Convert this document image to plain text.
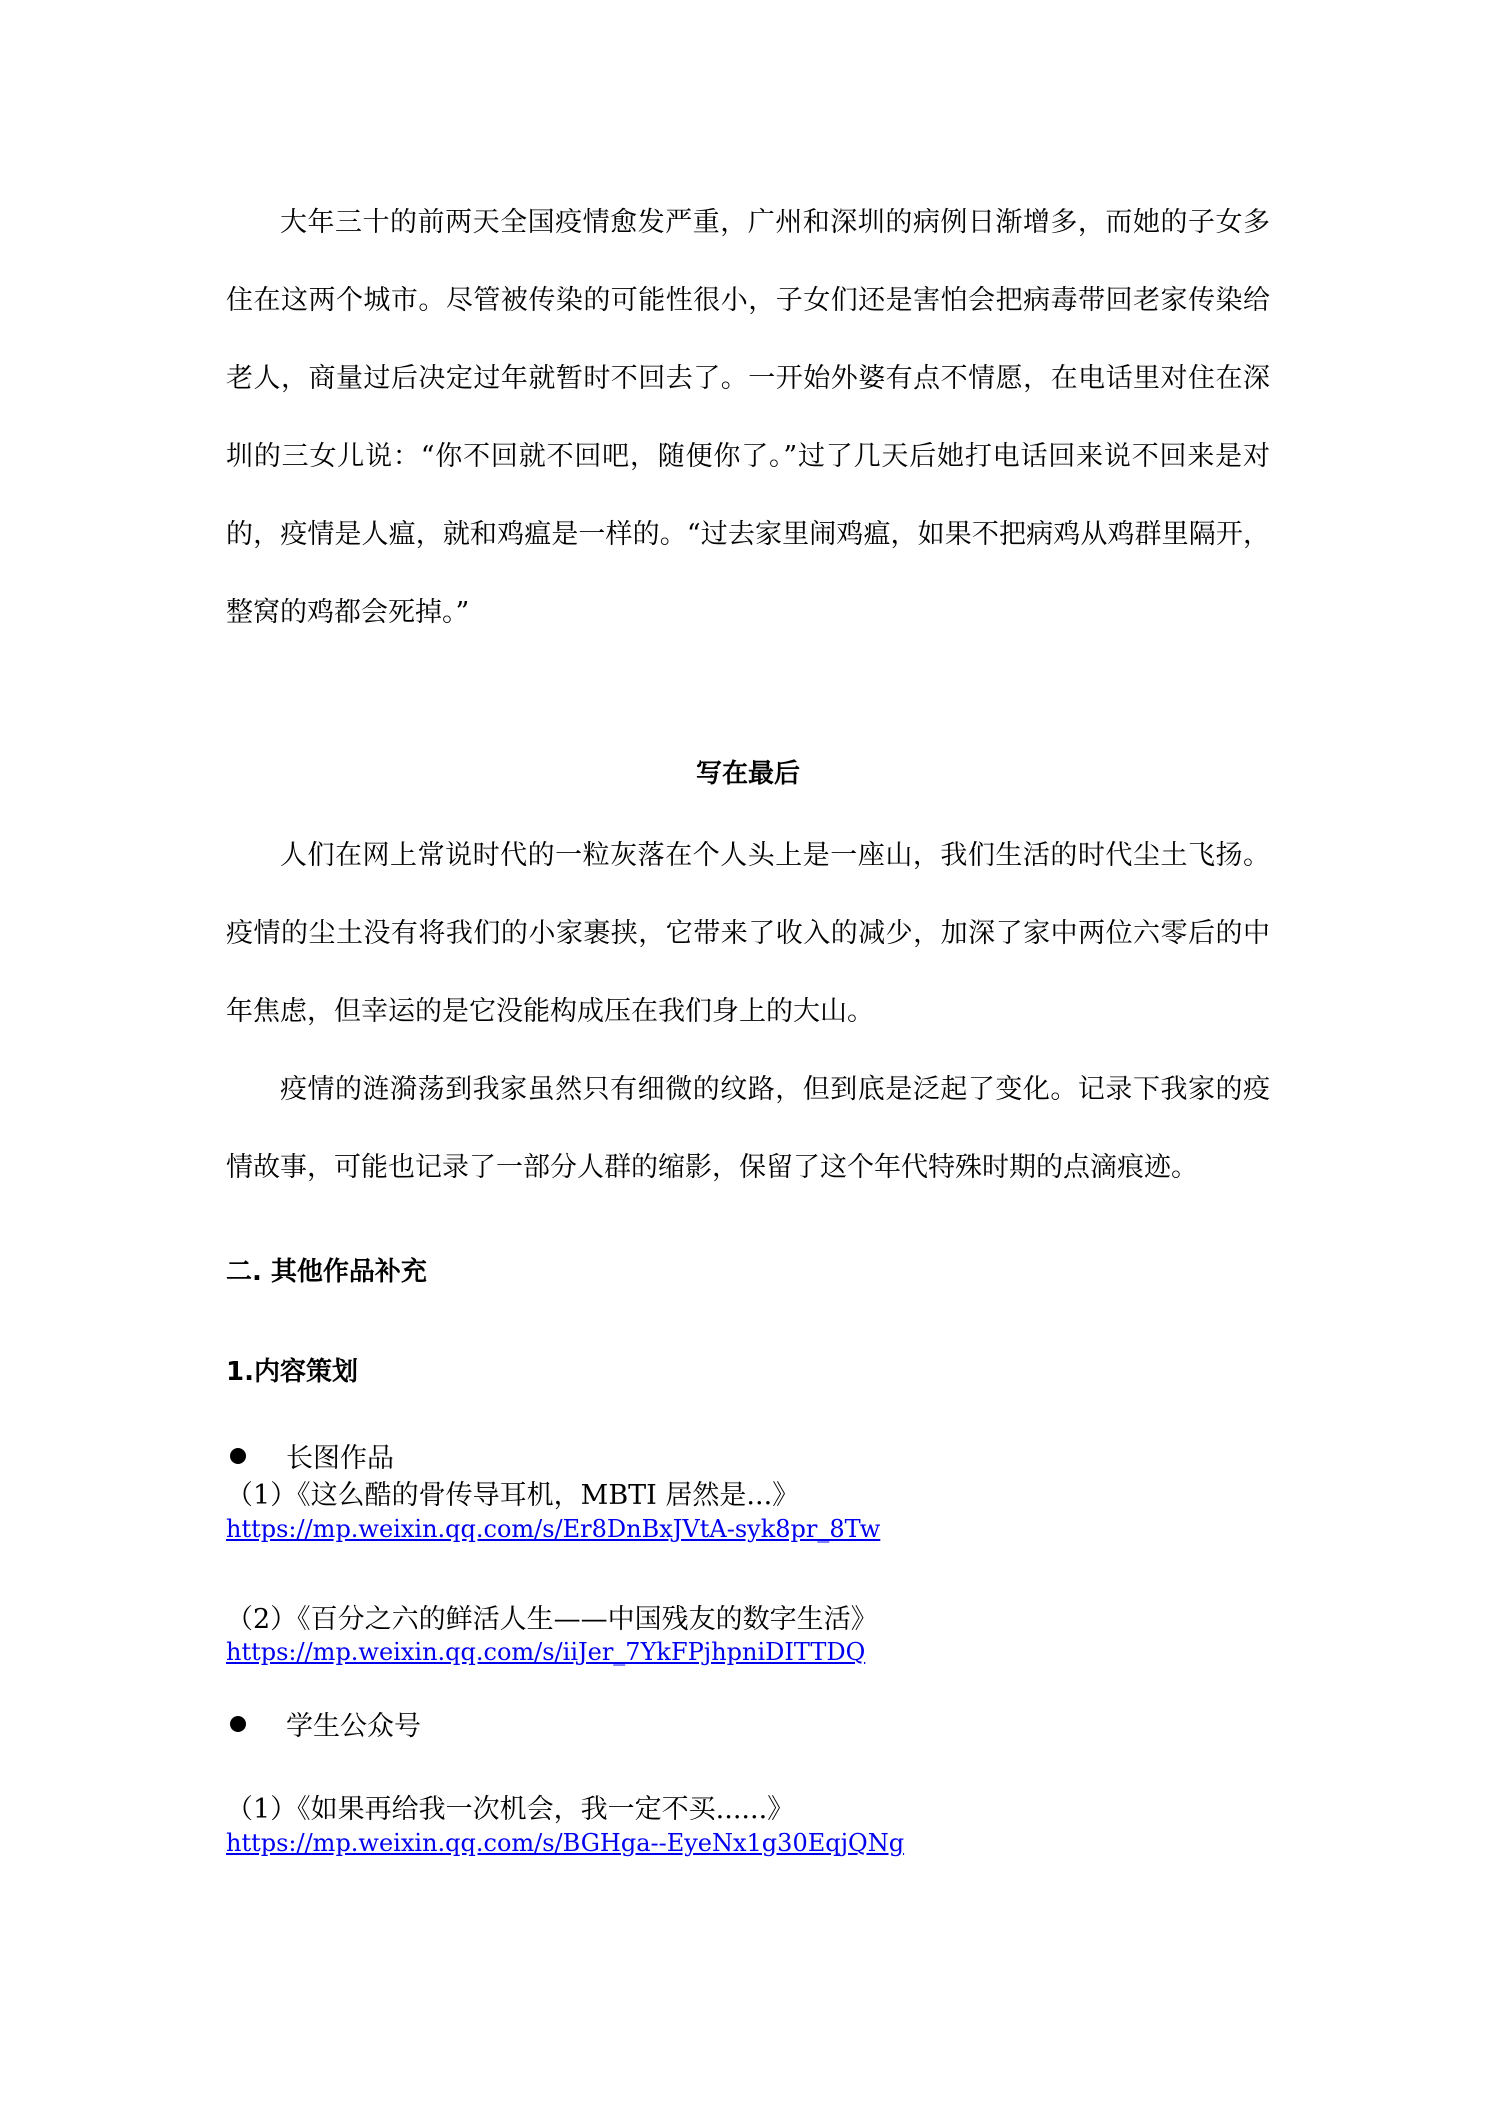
大年三十的前两天全国疫情愈发严重，广州和深圳的病例日渐增多，而她的子女多住在这两个城市。尽管被传染的可能性很小，子女们还是害怕会把病毒带回老家传染给老人，商量过后决定过年就暂时不回去了。一开始外婆有点不情愿，在电话里对住在深圳的三女儿说：“你不回就不回吧，随便你了。”过了几天后她打电话回来说不回来是对的，疫情是人瘟，就和鸡瘟是一样的。“过去家里闹鸡瘟，如果不把病鸡从鸡群里隔开，整窝的鸡都会死掉。”

写在最后

人们在网上常说时代的一粒灰落在个人头上是一座山，我们生活的时代尘土飞扬。疫情的尘土没有将我们的小家裹挟，它带来了收入的减少，加深了家中两位六零后的中年焦虑，但幸运的是它没能构成压在我们身上的大山。

疫情的涟漪荡到我家虽然只有细微的纹路，但到底是泛起了变化。记录下我家的疫情故事，可能也记录了一部分人群的缩影，保留了这个年代特殊时期的点滴痕迹。

二. 其他作品补充
1.内容策划
长图作品

（1）《这么酷的骨传导耳机，MBTI 居然是...》

https://mp.weixin.qq.com/s/Er8DnBxJVtA-syk8pr_8Tw

（2）《百分之六的鲜活人生——中国残友的数字生活》

https://mp.weixin.qq.com/s/iiJer_7YkFPjhpniDITTDQ
学生公众号

（1）《如果再给我一次机会，我一定不买......》

https://mp.weixin.qq.com/s/BGHga--EyeNx1g30EqjQNg
